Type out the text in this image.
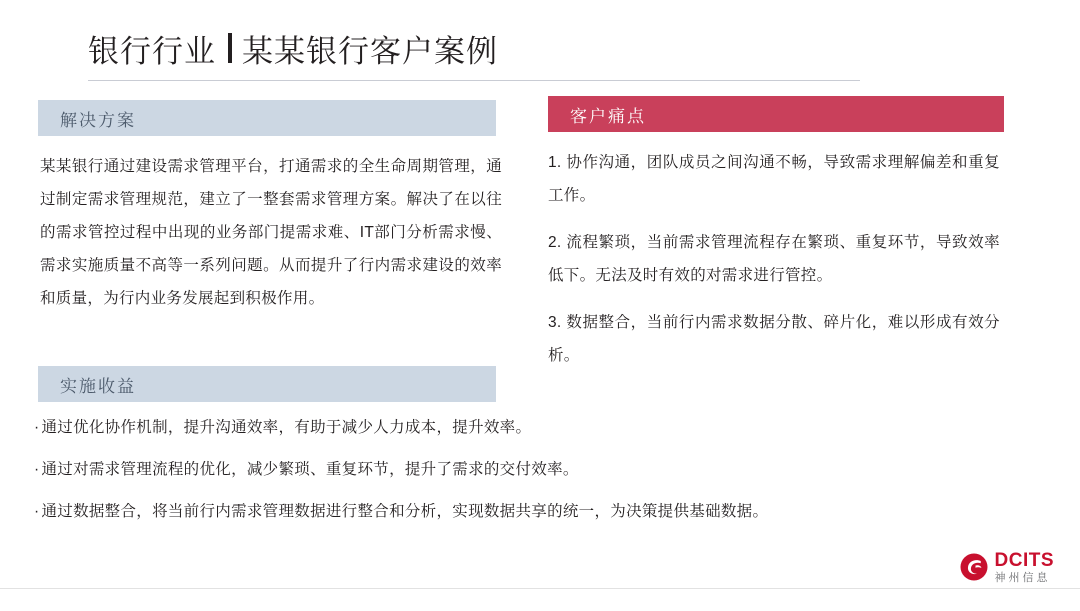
银行行业 某某银行客户案例
解决方案
某某银行通过建设需求管理平台，打通需求的全生命周期管理，通过制定需求管理规范，建立了一整套需求管理方案。解决了在以往的需求管控过程中出现的业务部门提需求难、IT部门分析需求慢、需求实施质量不高等一系列问题。从而提升了行内需求建设的效率和质量，为行内业务发展起到积极作用。
客户痛点

1. 协作沟通，团队成员之间沟通不畅，导致需求理解偏差和重复工作。

2. 流程繁琐，当前需求管理流程存在繁琐、重复环节，导致效率低下。无法及时有效的对需求进行管控。

3. 数据整合，当前行内需求数据分散、碎片化，难以形成有效分析。

实施收益
· 通过优化协作机制，提升沟通效率，有助于减少人力成本，提升效率。
· 通过对需求管理流程的优化，减少繁琐、重复环节，提升了需求的交付效率。
· 通过数据整合，将当前行内需求管理数据进行整合和分析，实现数据共享的统一，为决策提供基础数据。
DCITS
神州信息
